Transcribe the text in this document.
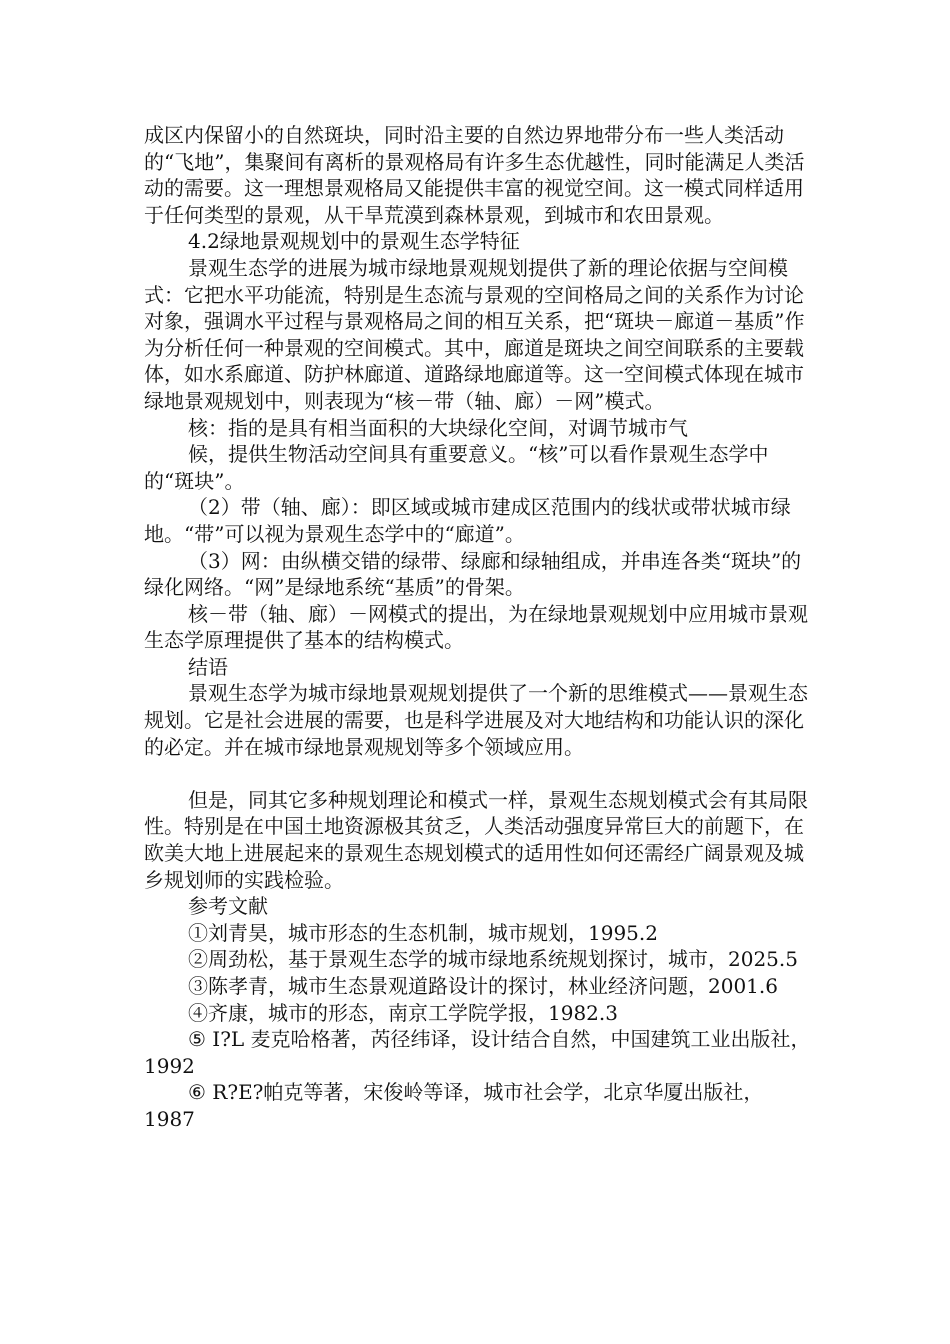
成区内保留小的自然斑块，同时沿主要的自然边界地带分布一些人类活动的“飞地”，集聚间有离析的景观格局有许多生态优越性，同时能满足人类活动的需要。这一理想景观格局又能提供丰富的视觉空间。这一模式同样适用于任何类型的景观，从干旱荒漠到森林景观，到城市和农田景观。

4.2绿地景观规划中的景观生态学特征

景观生态学的进展为城市绿地景观规划提供了新的理论依据与空间模式：它把水平功能流，特别是生态流与景观的空间格局之间的关系作为讨论对象，强调水平过程与景观格局之间的相互关系，把“斑块－廊道－基质”作为分析任何一种景观的空间模式。其中，廊道是斑块之间空间联系的主要载体，如水系廊道、防护林廊道、道路绿地廊道等。这一空间模式体现在城市绿地景观规划中，则表现为“核－带（轴、廊）－网”模式。

核：指的是具有相当面积的大块绿化空间，对调节城市气

候，提供生物活动空间具有重要意义。“核”可以看作景观生态学中的“斑块”。

（2）带（轴、廊）：即区域或城市建成区范围内的线状或带状城市绿地。“带”可以视为景观生态学中的“廊道”。

（3）网：由纵横交错的绿带、绿廊和绿轴组成，并串连各类“斑块”的绿化网络。“网”是绿地系统“基质”的骨架。

核－带（轴、廊）－网模式的提出，为在绿地景观规划中应用城市景观生态学原理提供了基本的结构模式。

结语

景观生态学为城市绿地景观规划提供了一个新的思维模式——景观生态规划。它是社会进展的需要，也是科学进展及对大地结构和功能认识的深化的必定。并在城市绿地景观规划等多个领域应用。

但是，同其它多种规划理论和模式一样，景观生态规划模式会有其局限性。特别是在中国土地资源极其贫乏，人类活动强度异常巨大的前题下，在欧美大地上进展起来的景观生态规划模式的适用性如何还需经广阔景观及城乡规划师的实践检验。

参考文献

①刘青昊，城市形态的生态机制，城市规划，1995.2

②周劲松，基于景观生态学的城市绿地系统规划探讨，城市，2025.5

③陈孝青，城市生态景观道路设计的探讨，林业经济问题，2001.6

④齐康，城市的形态，南京工学院学报，1982.3

⑤ I?L 麦克哈格著，芮径纬译，设计结合自然，中国建筑工业出版社，1992

⑥ R?E?帕克等著，宋俊岭等译，城市社会学，北京华厦出版社，1987
